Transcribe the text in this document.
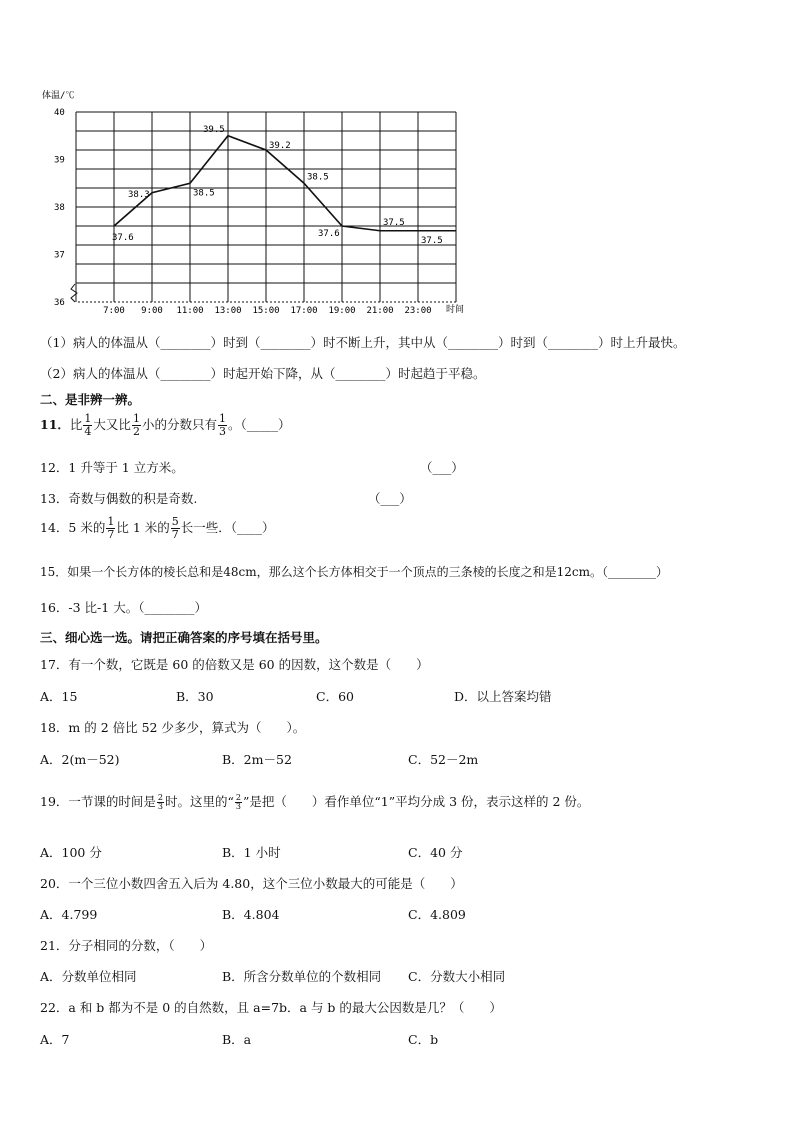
体温/℃
40
39
38
37
36
7:00 9:00 11:00 13:00 15:00 17:00 19:00 21:00 23:00
37.6
38.3	38.5
39.5
39.2
38.5
37.6
37.5
37.5
时间
（1）病人的体温从（________）时到（________）时不断上升，其中从（________）时到（________）时上升最快。
（2）病人的体温从（________）时起开始下降，从（________）时起趋于平稳。
二、是非辨一辨。
11．比 $\frac{1}{4}$ 大又比 $\frac{1}{2}$ 小的分数只有 $\frac{1}{3}$ 。（_____）
12．1 升等于 1 立方米。	（___）
13．奇数与偶数的积是奇数.	（___）
14．5 米的 $\frac{1}{7}$ 比 1 米的 $\frac{5}{7}$ 长一些．（____）
15．如果一个长方体的棱长总和是48cm，那么这个长方体相交于一个顶点的三条棱的长度之和是12cm。（________）
16．-3 比-1 大。（________）
三、细心选一选。请把正确答案的序号填在括号里。
17．有一个数，它既是 60 的倍数又是 60 的因数，这个数是（　　）
A．15	B．30	C．60	D．以上答案均错
18．m 的 2 倍比 52 少多少，算式为（　　）。
A．2(m－52)	B．2m－52	C．52－2m
19．一节课的时间是 $\frac{2}{3}$ 时。这里的“ $\frac{2}{3}$ ”是把（　　）看作单位“1”平均分成 3 份，表示这样的 2 份。
A．100 分	B．1 小时	C．40 分
20．一个三位小数四舍五入后为 4.80，这个三位小数最大的可能是（　　）
A．4.799	B．4.804	C．4.809
21．分子相同的分数，（　　）
A．分数单位相同	B．所含分数单位的个数相同 C．分数大小相同
22．a 和 b 都为不是 0 的自然数，且 a=7b．a 与 b 的最大公因数是几？（　　）
A．7	B．a	C．b
